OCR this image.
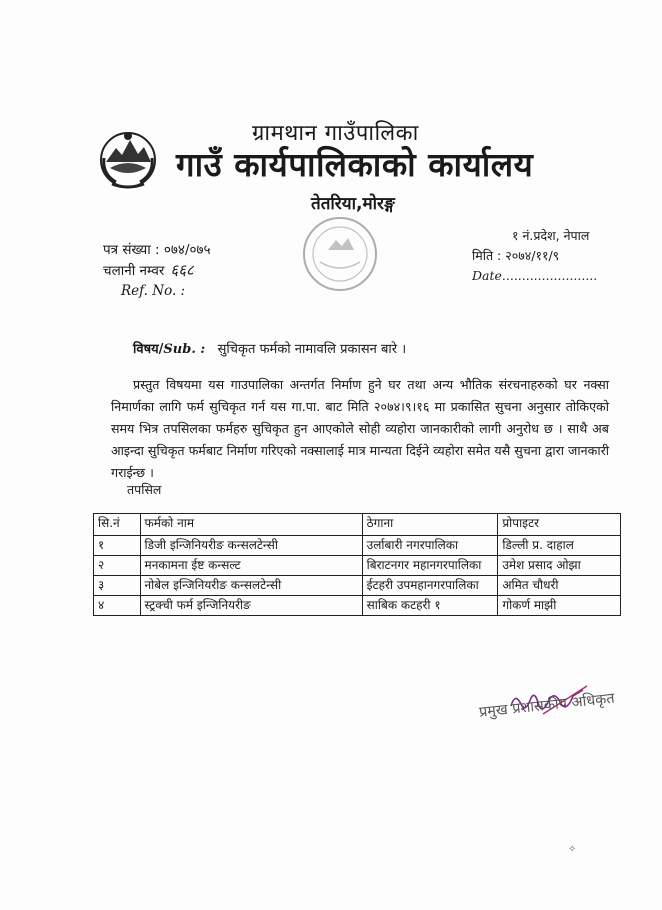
ग्रामथान गाउँपालिका
गाउँ कार्यपालिकाको कार्यालय
तेतरिया,मोरङ्ग
पत्र संख्या : ०७४/०७५
चलानी नम्वर ६६८
Ref. No. :
१ नं.प्रदेश, नेपाल
मिति : २०७४/११/९
Date........................
विषय/Sub. : सुचिकृत फर्मको नामावलि प्रकासन बारे ।
प्रस्तुत विषयमा यस गाउपालिका अन्तर्गत निर्माण हुने घर तथा अन्य भौतिक संरचनाहरुको घर नक्सा निमार्णका लागि फर्म सुचिकृत गर्न यस गा.पा. बाट मिति २०७४।९।१६ मा प्रकासित सुचना अनुसार तोकिएको समय भित्र तपसिलका फर्महरु सुचिकृत हुन आएकोले सोही व्यहोरा जानकारीको लागी अनुरोध छ । साथै अब आइन्दा सुचिकृत फर्मबाट निर्माण गरिएको नक्सालाई मात्र मान्यता दिईने व्यहोरा समेत यसै सुचना द्वारा जानकारी गराईन्छ ।
तपसिल
सि.नं	फर्मको नाम	ठेगाना	प्रोपाइटर
१	डिजी इन्जिनियरीङ कन्सलटेन्सी	उर्लाबारी नगरपालिका	डिल्ली प्र. दाहाल
२	मनकामना ईष्ट कन्सल्ट	बिराटनगर महानगरपालिका	उमेश प्रसाद ओझा
३	नोबेल इन्जिनियरीङ कन्सलटेन्सी	ईटहरी उपमहानगरपालिका	अमित चौधरी
४	स्ट्रक्ची फर्म इन्जिनियरीङ	साबिक कटहरी १	गोकर्ण माझी
प्रमुख प्रशासकीय अधिकृत
✧
